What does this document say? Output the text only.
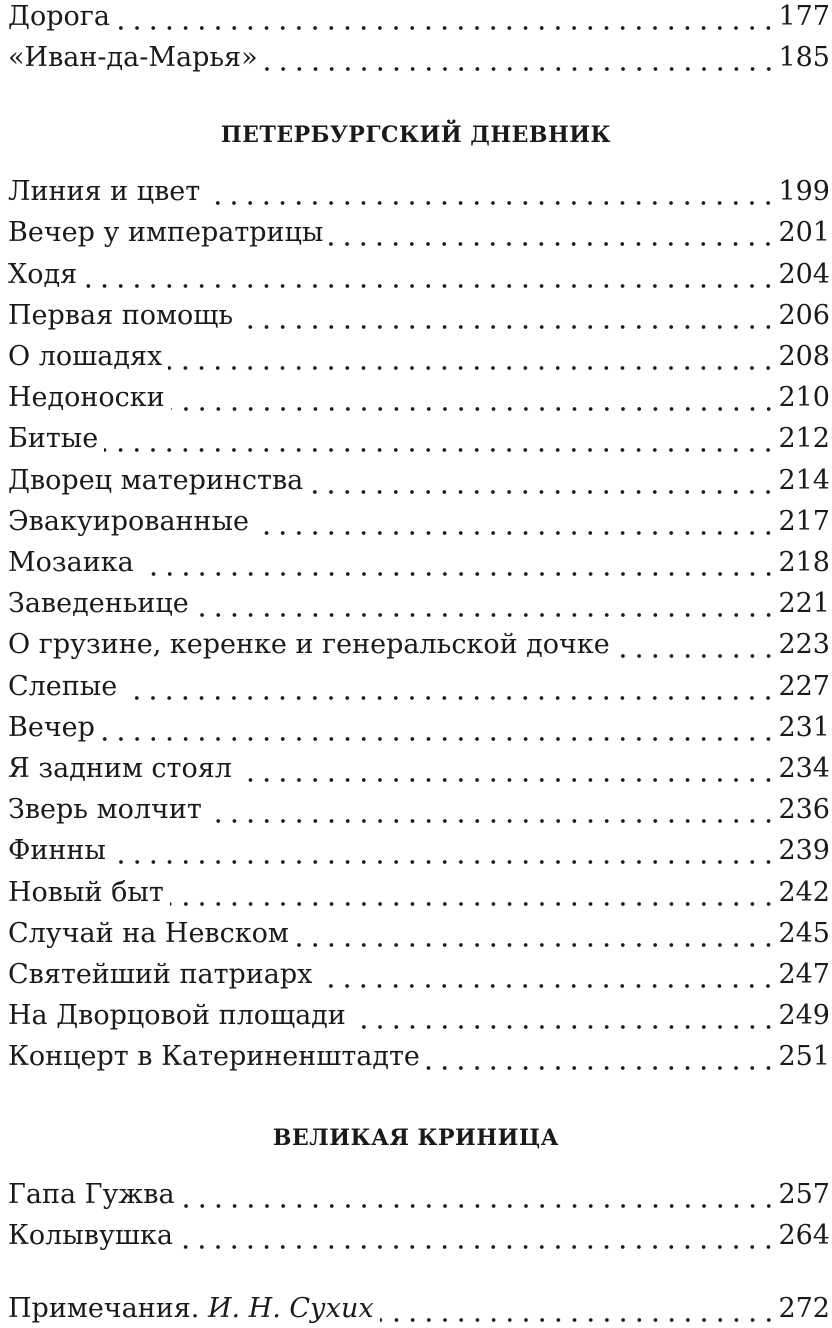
Дорога	177
«Иван-да-Марья»	185
ПЕТЕРБУРГСКИЙ ДНЕВНИК
Линия и цвет	199
Вечер у императрицы	201
Ходя	204
Первая помощь	206
О лошадях	208
Недоноски	210
Битые	212
Дворец материнства	214
Эвакуированные	217
Мозаика	218
Заведеньице	221
О грузине, керенке и генеральской дочке	223
Слепые	227
Вечер	231
Я задним стоял	234
Зверь молчит	236
Финны	239
Новый быт	242
Случай на Невском	245
Святейший патриарх	247
На Дворцовой площади	249
Концерт в Катериненштадте	251
ВЕЛИКАЯ КРИНИЦА
Гапа Гужва	257
Колывушка	264
Примечания. И. Н. Сухих	272
